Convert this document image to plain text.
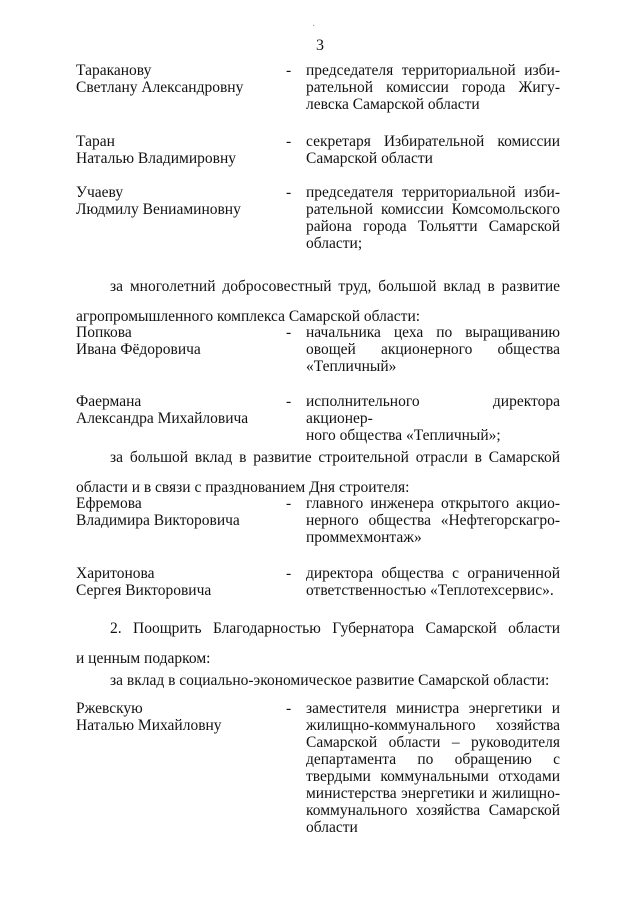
·
3
Тараканову
Светлану Александровну
- председателя территориальной изби-
рательной комиссии города Жигу-
левска Самарской области
Таран
Наталью Владимировну
- секретаря Избирательной комиссии
Самарской области
Учаеву
Людмилу Вениаминовну
- председателя территориальной изби-
рательной комиссии Комсомольского
района города Тольятти Самарской
области;
за многолетний добросовестный труд, большой вклад в развитие
агропромышленного комплекса Самарской области:
Попкова
Ивана Фёдоровича
- начальника цеха по выращиванию
овощей акционерного общества
«Тепличный»
Фаермана
Александра Михайловича
- исполнительного директора акционер-
ного общества «Тепличный»;
за большой вклад в развитие строительной отрасли в Самарской
области и в связи с празднованием Дня строителя:
Ефремова
Владимира Викторовича
- главного инженера открытого акцио-
нерного общества «Нефтегорскагро-
проммехмонтаж»
Харитонова
Сергея Викторовича
- директора общества с ограниченной
ответственностью «Теплотехсервис».
2. Поощрить Благодарностью Губернатора Самарской области
и ценным подарком:
за вклад в социально-экономическое развитие Самарской области:
Ржевскую
Наталью Михайловну
- заместителя министра энергетики и
жилищно-коммунального хозяйства
Самарской области – руководителя
департамента по обращению с
твердыми коммунальными отходами
министерства энергетики и жилищно-
коммунального хозяйства Самарской
области
